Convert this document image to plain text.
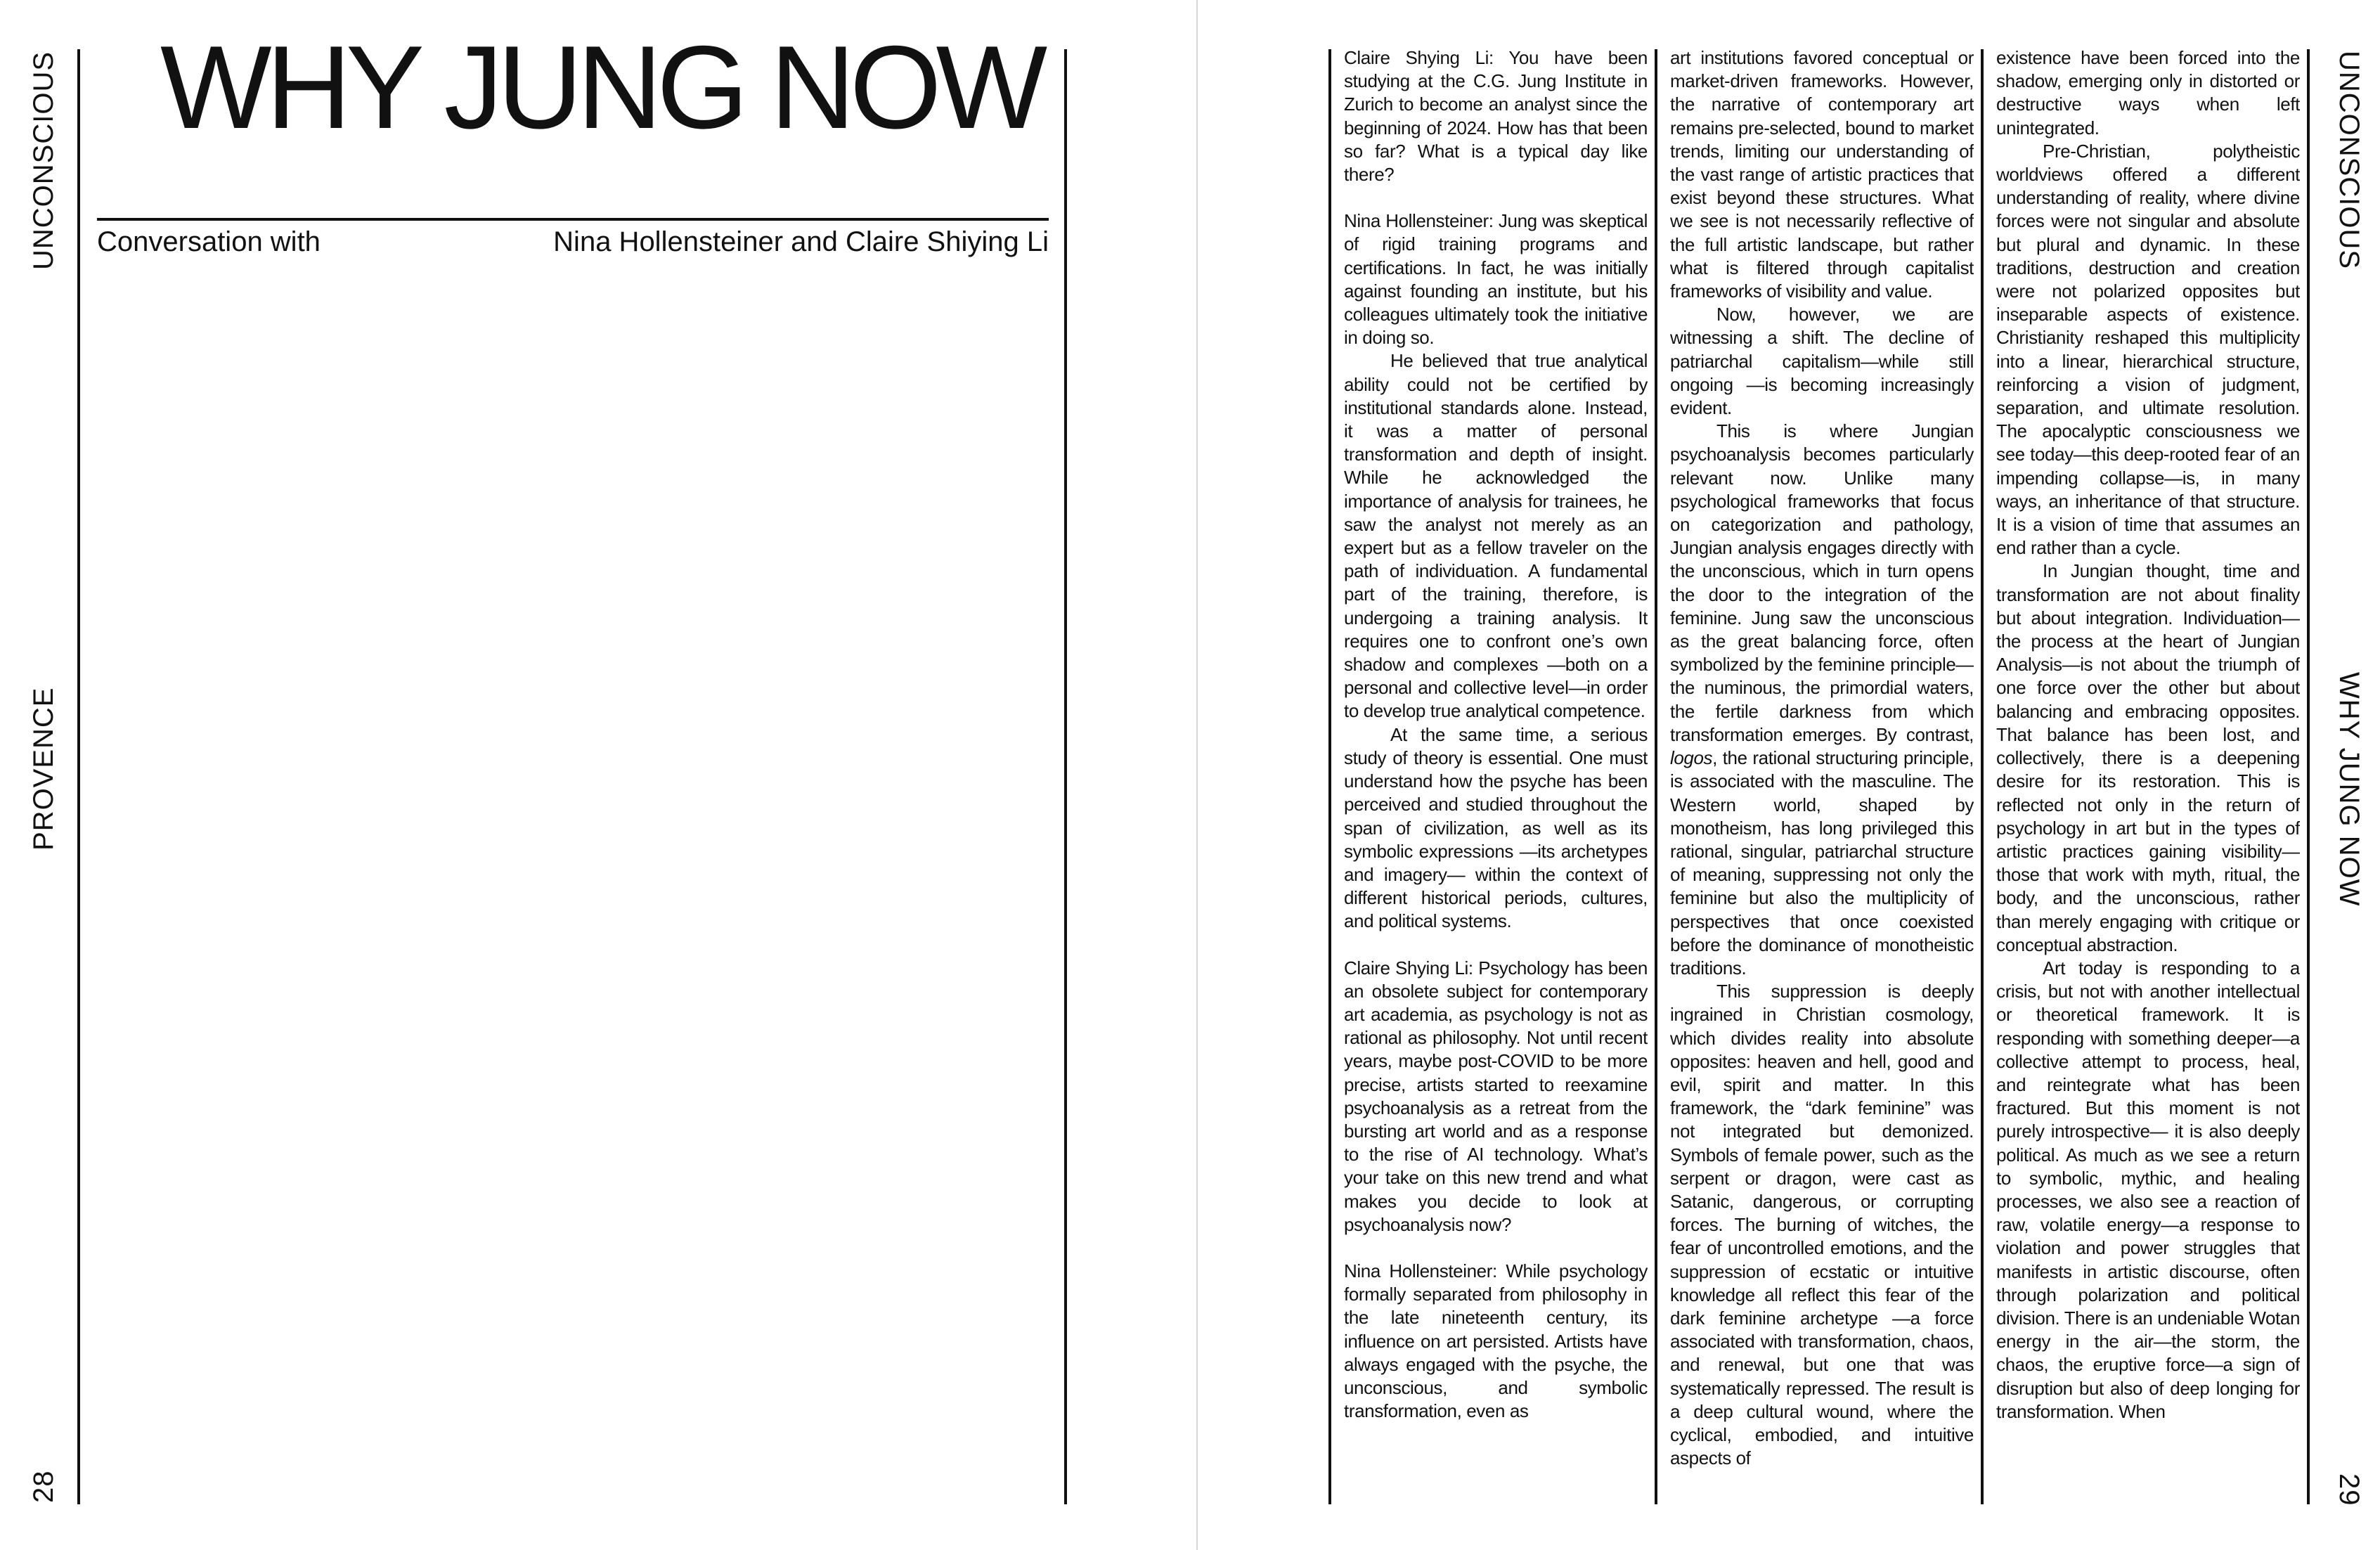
UNCONSCIOUS
PROVENCE
28
WHY JUNG NOW
Conversation with	Nina Hollensteiner and Claire Shiying Li

Claire Shying Li: You have been studying at the C.G. Jung Institute in Zurich to become an analyst since the beginning of 2024. How has that been so far? What is a typical day like there?

Nina Hollensteiner: Jung was skeptical of rigid training programs and certifications. In fact, he was initially against founding an institute, but his colleagues ultimately took the initiative in doing so.

He believed that true analytical ability could not be certified by institutional standards alone. Instead, it was a matter of personal transformation and depth of insight. While he acknowledged the importance of analysis for trainees, he saw the analyst not merely as an expert but as a fellow traveler on the path of individuation. A fundamental part of the training, therefore, is undergoing a training analysis. It requires one to confront one’s own shadow and complexes —both on a personal and collective level—in order to develop true analytical competence.

At the same time, a serious study of theory is essential. One must understand how the psyche has been perceived and studied throughout the span of civilization, as well as its symbolic expressions —its archetypes and imagery— within the context of different historical periods, cultures, and political systems.

Claire Shying Li: Psychology has been an obsolete subject for contemporary art academia, as psychology is not as rational as philosophy. Not until recent years, maybe post-COVID to be more precise, artists started to reexamine psychoanalysis as a retreat from the bursting art world and as a response to the rise of AI technology. What’s your take on this new trend and what makes you decide to look at psychoanalysis now?

Nina Hollensteiner: While psychology formally separated from philosophy in the late nineteenth century, its influence on art persisted. Artists have always engaged with the psyche, the unconscious, and symbolic transformation, even as

art institutions favored conceptual or market-driven frameworks. However, the narrative of contemporary art remains pre-selected, bound to market trends, limiting our understanding of the vast range of artistic practices that exist beyond these structures. What we see is not necessarily reflective of the full artistic landscape, but rather what is filtered through capitalist frameworks of visibility and value.

Now, however, we are witnessing a shift. The decline of patriarchal capitalism—while still ongoing —is becoming increasingly evident.

This is where Jungian psychoanalysis becomes particularly relevant now. Unlike many psychological frameworks that focus on categorization and pathology, Jungian analysis engages directly with the unconscious, which in turn opens the door to the integration of the feminine. Jung saw the unconscious as the great balancing force, often symbolized by the feminine principle—the numinous, the primordial waters, the fertile darkness from which transformation emerges. By contrast, logos, the rational structuring principle, is associated with the masculine. The Western world, shaped by monotheism, has long privileged this rational, singular, patriarchal structure of meaning, suppressing not only the feminine but also the multiplicity of perspectives that once coexisted before the dominance of monotheistic traditions.

This suppression is deeply ingrained in Christian cosmology, which divides reality into absolute opposites: heaven and hell, good and evil, spirit and matter. In this framework, the “dark feminine” was not integrated but demonized. Symbols of female power, such as the serpent or dragon, were cast as Satanic, dangerous, or corrupting forces. The burning of witches, the fear of uncontrolled emotions, and the suppression of ecstatic or intuitive knowledge all reflect this fear of the dark feminine archetype —a force associated with transformation, chaos, and renewal, but one that was systematically repressed. The result is a deep cultural wound, where the cyclical, embodied, and intuitive aspects of

existence have been forced into the shadow, emerging only in distorted or destructive ways when left unintegrated.

Pre-Christian, polytheistic worldviews offered a different understanding of reality, where divine forces were not singular and absolute but plural and dynamic. In these traditions, destruction and creation were not polarized opposites but inseparable aspects of existence. Christianity reshaped this multiplicity into a linear, hierarchical structure, reinforcing a vision of judgment, separation, and ultimate resolution. The apocalyptic consciousness we see today—this deep-rooted fear of an impending collapse—is, in many ways, an inheritance of that structure. It is a vision of time that assumes an end rather than a cycle.

In Jungian thought, time and transformation are not about finality but about integration. Individuation—the process at the heart of Jungian Analysis—is not about the triumph of one force over the other but about balancing and embracing opposites. That balance has been lost, and collectively, there is a deepening desire for its restoration. This is reflected not only in the return of psychology in art but in the types of artistic practices gaining visibility—those that work with myth, ritual, the body, and the unconscious, rather than merely engaging with critique or conceptual abstraction.

Art today is responding to a crisis, but not with another intellectual or theoretical framework. It is responding with something deeper—a collective attempt to process, heal, and reintegrate what has been fractured. But this moment is not purely introspective— it is also deeply political. As much as we see a return to symbolic, mythic, and healing processes, we also see a reaction of raw, volatile energy—a response to violation and power struggles that manifests in artistic discourse, often through polarization and political division. There is an undeniable Wotan energy in the air—the storm, the chaos, the eruptive force—a sign of disruption but also of deep longing for transformation. When

UNCONSCIOUS
WHY JUNG NOW
29
